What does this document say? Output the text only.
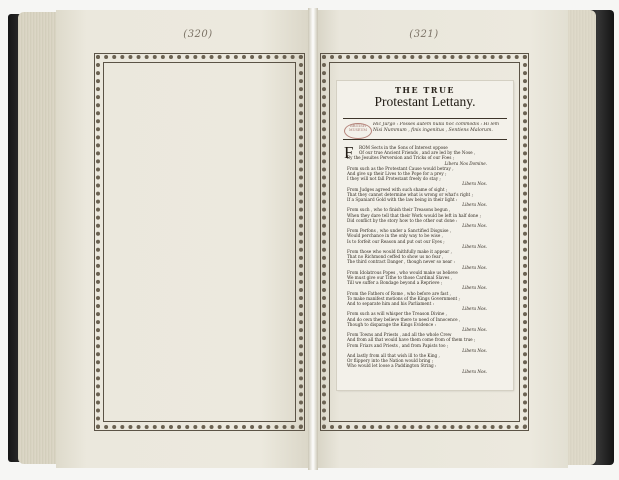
(320)	(321)
THE TRUE
Protestant Lettany.
BRITISH MUSEUM
Hic Jurgo : Posses autem nulla hoc commodis : Hi lem
Nisi Nummum , finis ingenitus , Sentiens Malorum.
F ROM Sects in the Sons of Interest oppose
Of our true Ancient Friends , and are led by the Nose ,
By the Jesuites Perversion and Tricks of our Foes ;
Libera Nos Domine.
From such as the Protestant Cause would betray ,
And give up their Lives to the Pope for a prey ;
I they will not fall Protestant freely do stay ;
Libera Nos.
From Judges agreed with such shame of sight ;
That they cannot determine what is wrong or what's right ;
If a Spaniard Gold with the law being in their light :
Libera Nos.
From such , who to finish their Treasons begun ,
When they dare tell that their Work would be left in half done ;
Did conflict by the story how to the other out done :
Libera Nos.
From Perfons , who under a Sanctified Disguise ,
Would perchance in the only way to be wise ,
Is to forfeit our Reason and put out our Eyes ;
Libera Nos.
From those who would faithfully make it appear ,
That no Richmond ceffed to show us no fear ,
The third contract Danger , though never so near :
Libera Nos.
From Idolatrous Popes , who would make us believe
We must give our Tithe to those Cardinal Slaves ,
Till we suffer a Bondage beyond a Reprieve ;
Libera Nos.
From the Fathers of Rome , who before are fast ,
To make manifest motions of the Kings Government ;
And to separate him and his Parliament :
Libera Nos.
From such as will whisper the Treason Divine ,
And do own they believe there to need of Innocence ,
Though to disparage the Kings Evidence :
Libera Nos.
From Towns and Priests , and all the whole Crew
And from all that would have them come from of them true ;
From Friars and Priests , and from Papists too ;
Libera Nos.
And lastly from all that wish ill to the King ,
Or flippery into the Nation would bring ;
Who would let loose a Paddington String :
Libera Nos.
